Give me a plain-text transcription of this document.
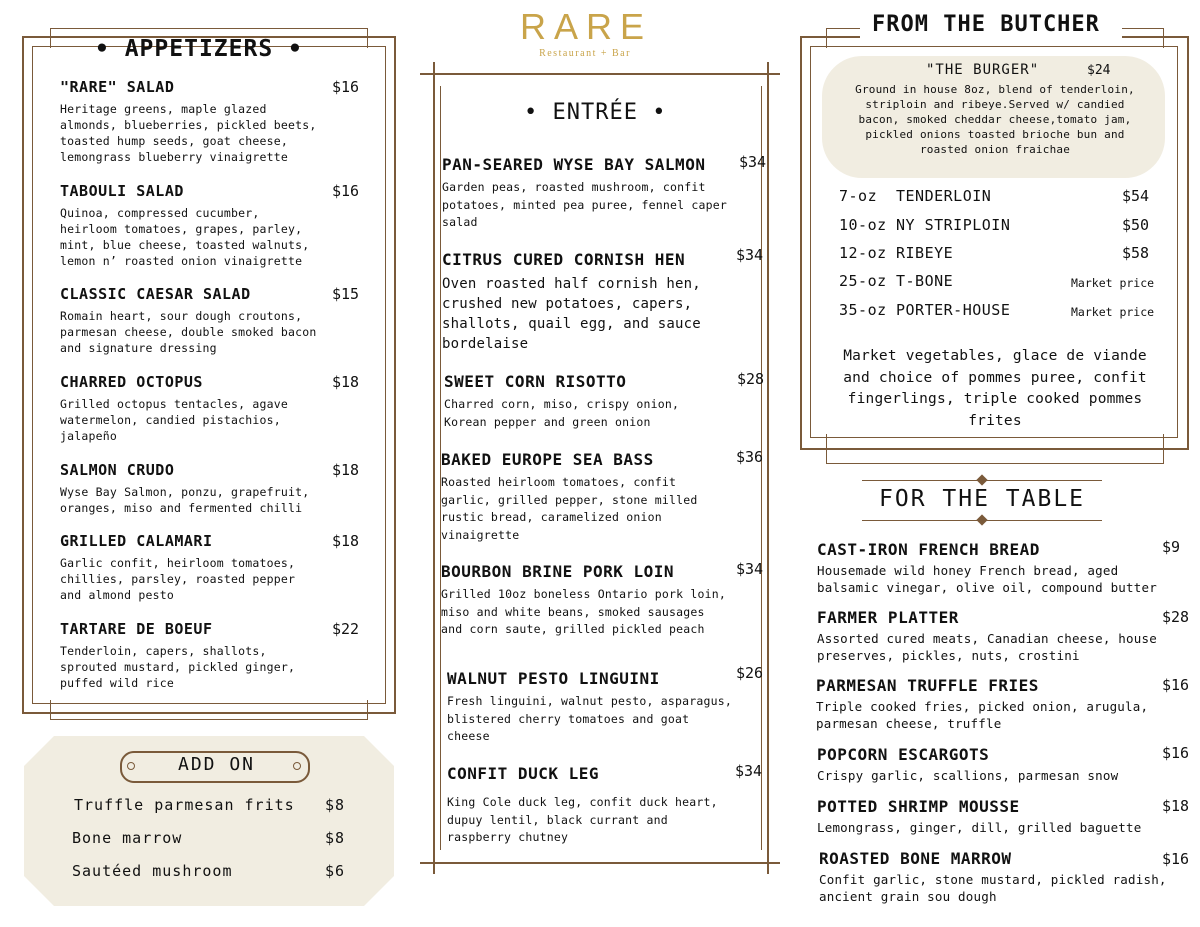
RARE
Restaurant + Bar
• APPETIZERS •
ADD ON
• ENTRÉE •
FROM THE BUTCHER
FOR THE TABLE
"RARE" SALAD	$16
Heritage greens, maple glazed almonds, blueberries, pickled beets, toasted hump seeds, goat cheese, lemongrass blueberry vinaigrette
TABOULI SALAD	$16
Quinoa, compressed cucumber, heirloom tomatoes, grapes, parley, mint, blue cheese, toasted walnuts, lemon n’ roasted onion vinaigrette
CLASSIC CAESAR SALAD	$15
Romain heart, sour dough croutons, parmesan cheese, double smoked bacon and signature dressing
CHARRED OCTOPUS	$18
Grilled octopus tentacles, agave watermelon, candied pistachios, jalapeño
SALMON CRUDO	$18
Wyse Bay Salmon, ponzu, grapefruit, oranges, miso and fermented chilli
GRILLED CALAMARI	$18
Garlic confit, heirloom tomatoes, chillies, parsley, roasted pepper and almond pesto
TARTARE DE BOEUF	$22
Tenderloin, capers, shallots, sprouted mustard, pickled ginger, puffed wild rice
Truffle parmesan frits $8
Bone marrow	$8
Sautéed mushroom	$6
PAN-SEARED WYSE BAY SALMON $34
Garden peas, roasted mushroom, confit potatoes, minted pea puree, fennel caper salad
CITRUS CURED CORNISH HEN	$34
Oven roasted half cornish hen, crushed new potatoes, capers, shallots, quail egg, and sauce bordelaise
SWEET CORN RISOTTO	$28
Charred corn, miso, crispy onion, Korean pepper and green onion
BAKED EUROPE SEA BASS	$36
Roasted heirloom tomatoes, confit garlic, grilled pepper, stone milled rustic bread, caramelized onion vinaigrette
BOURBON BRINE PORK LOIN	$34
Grilled 10oz boneless Ontario pork loin, miso and white beans, smoked sausages and corn saute, grilled pickled peach
WALNUT PESTO LINGUINI	$26
Fresh linguini, walnut pesto, asparagus, blistered cherry tomatoes and goat cheese
CONFIT DUCK LEG	$34
King Cole duck leg, confit duck heart, dupuy lentil, black currant and raspberry chutney
"THE BURGER"	$24
Ground in house 8oz, blend of tenderloin, striploin and ribeye.Served w/ candied bacon, smoked cheddar cheese,tomato jam, pickled onions toasted brioche bun and roasted onion fraichae
7-oz TENDERLOIN	$54
10-oz NY STRIPLOIN	$50
12-oz RIBEYE	$58
25-oz T-BONE	Market price
35-oz PORTER-HOUSE	Market price
Market vegetables, glace de viande and choice of pommes puree, confit fingerlings, triple cooked pommes frites
CAST-IRON FRENCH BREAD	$9
Housemade wild honey French bread, aged balsamic vinegar, olive oil, compound butter
FARMER PLATTER	$28
Assorted cured meats, Canadian cheese, house preserves, pickles, nuts, crostini
PARMESAN TRUFFLE FRIES	$16
Triple cooked fries, picked onion, arugula, parmesan cheese, truffle
POPCORN ESCARGOTS	$16
Crispy garlic, scallions, parmesan snow
POTTED SHRIMP MOUSSE	$18
Lemongrass, ginger, dill, grilled baguette
ROASTED BONE MARROW	$16
Confit garlic, stone mustard, pickled radish, ancient grain sou dough
